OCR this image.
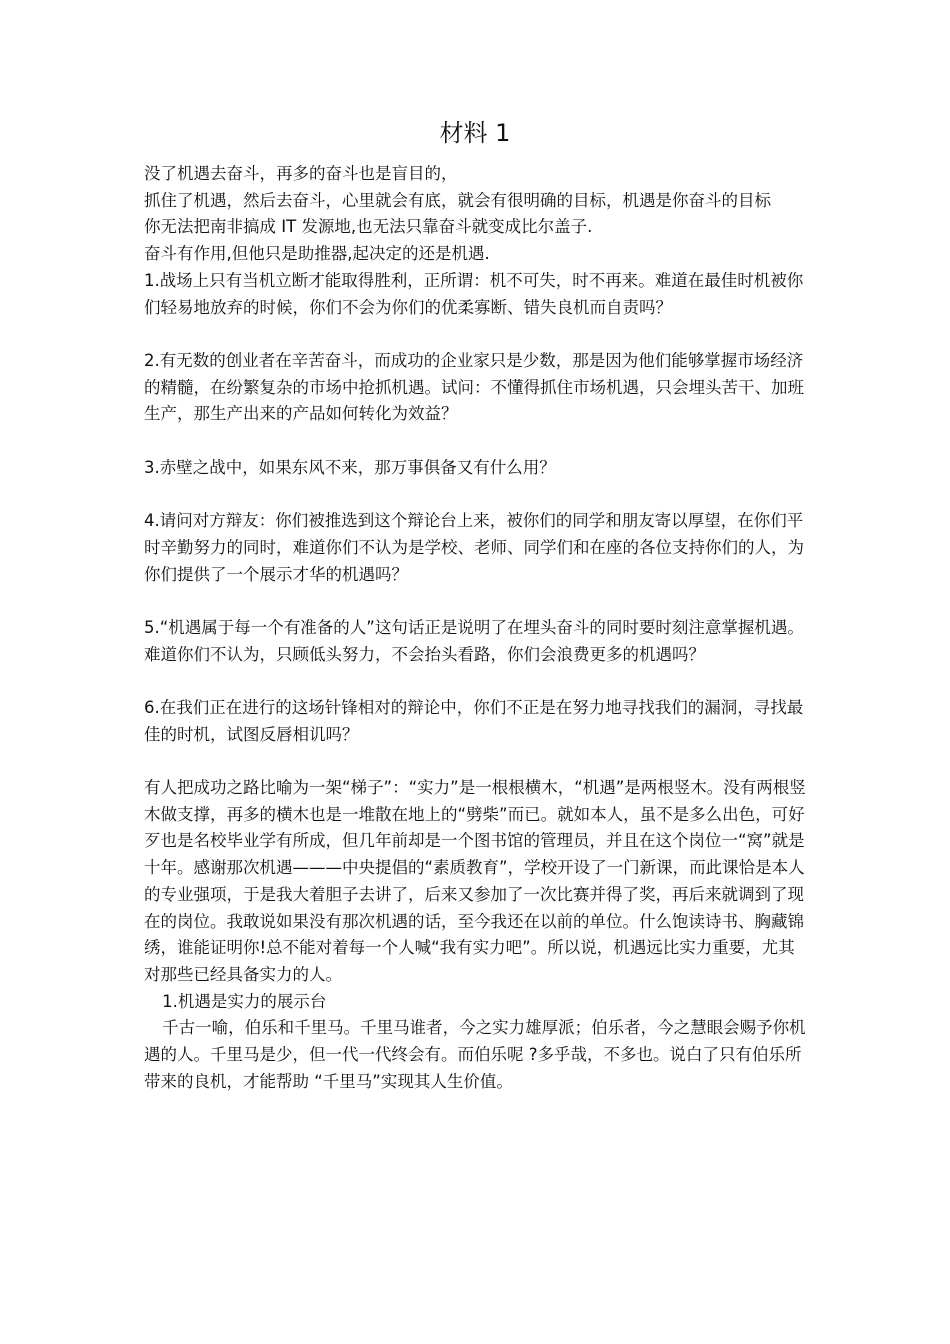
材料 1

没了机遇去奋斗，再多的奋斗也是盲目的，

抓住了机遇，然后去奋斗，心里就会有底，就会有很明确的目标，机遇是你奋斗的目标

你无法把南非搞成 IT 发源地,也无法只靠奋斗就变成比尔盖子.

奋斗有作用,但他只是助推器,起决定的还是机遇.

1.战场上只有当机立断才能取得胜利，正所谓：机不可失，时不再来。难道在最佳时机被你们轻易地放弃的时候，你们不会为你们的优柔寡断、错失良机而自责吗？

2.有无数的创业者在辛苦奋斗，而成功的企业家只是少数，那是因为他们能够掌握市场经济的精髓，在纷繁复杂的市场中抢抓机遇。试问：不懂得抓住市场机遇，只会埋头苦干、加班生产，那生产出来的产品如何转化为效益？

3.赤壁之战中，如果东风不来，那万事俱备又有什么用？

4.请问对方辩友：你们被推选到这个辩论台上来，被你们的同学和朋友寄以厚望，在你们平时辛勤努力的同时，难道你们不认为是学校、老师、同学们和在座的各位支持你们的人，为你们提供了一个展示才华的机遇吗？

5.“机遇属于每一个有准备的人”这句话正是说明了在埋头奋斗的同时要时刻注意掌握机遇。难道你们不认为，只顾低头努力，不会抬头看路，你们会浪费更多的机遇吗？

6.在我们正在进行的这场针锋相对的辩论中，你们不正是在努力地寻找我们的漏洞，寻找最佳的时机，试图反唇相讥吗？

有人把成功之路比喻为一架“梯子”：“实力”是一根根横木，“机遇”是两根竖木。没有两根竖木做支撑，再多的横木也是一堆散在地上的“劈柴”而已。就如本人，虽不是多么出色，可好歹也是名校毕业学有所成，但几年前却是一个图书馆的管理员，并且在这个岗位一“窝”就是十年。感谢那次机遇———中央提倡的“素质教育”，学校开设了一门新课，而此课恰是本人的专业强项，于是我大着胆子去讲了，后来又参加了一次比赛并得了奖，再后来就调到了现在的岗位。我敢说如果没有那次机遇的话，至今我还在以前的单位。什么饱读诗书、胸藏锦绣，谁能证明你!总不能对着每一个人喊“我有实力吧”。所以说，机遇远比实力重要，尤其对那些已经具备实力的人。

1.机遇是实力的展示台

千古一喻，伯乐和千里马。千里马谁者，今之实力雄厚派；伯乐者，今之慧眼会赐予你机遇的人。千里马是少，但一代一代终会有。而伯乐呢 ?多乎哉，不多也。说白了只有伯乐所带来的良机，才能帮助 “千里马”实现其人生价值。
